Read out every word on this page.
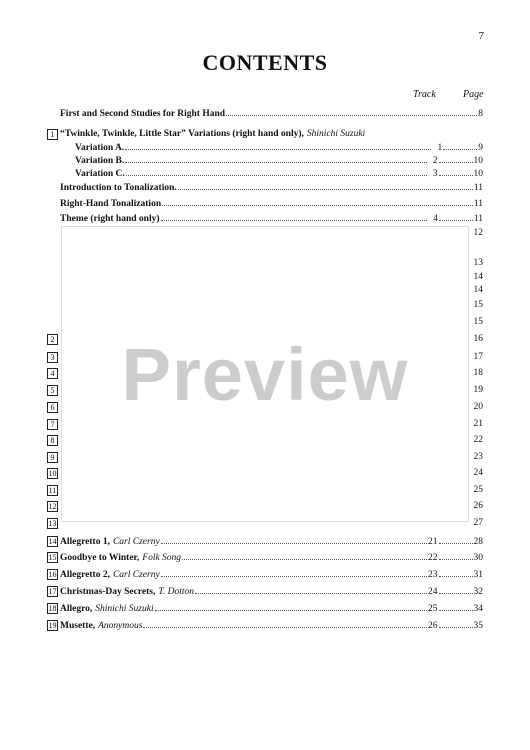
7
CONTENTS
Track	Page
First and Second Studies for Right Hand	8
1 “Twinkle, Twinkle, Little Star” Variations (right hand only), Shinichi Suzuki
Variation A.	1	9
Variation B.	2	10
Variation C.	3	10
Introduction to Tonalization.	11
Right-Hand Tonalization	11
Theme (right hand only)	4	11
12
13
14
14
15
15
2	16
3	17
4	18
5	19
6	20
7	21
8	22
9	23
10	24
11	25
12	26
13	27
14 Allegretto 1, Carl Czerny	21	28
15 Goodbye to Winter, Folk Song	22	30
16 Allegretto 2, Carl Czerny	23	31
17 Christmas-Day Secrets, T. Dotton	24	32
18 Allegro, Shinichi Suzuki	25	34
19 Musette, Anonymous	26	35
Preview
